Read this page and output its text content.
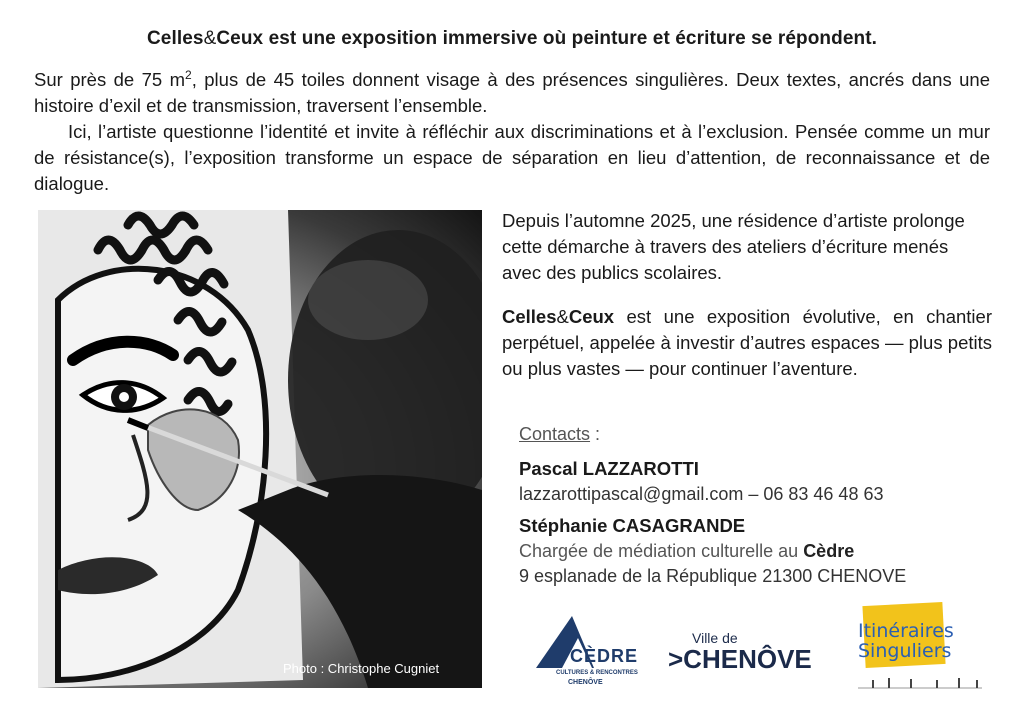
Celles&Ceux est une exposition immersive où peinture et écriture se répondent.

Sur près de 75 $m^2$, plus de 45 toiles donnent visage à des présences singulières. Deux textes, ancrés dans une histoire d’exil et de transmission, traversent l’ensemble.

Ici, l’artiste questionne l’identité et invite à réfléchir aux discriminations et à l’exclusion. Pensée comme un mur de résistance(s), l’exposition transforme un espace de séparation en lieu d’attention, de reconnaissance et de dialogue.

Photo : Christophe Cugniet

Depuis l’automne 2025, une résidence d’artiste prolonge cette démarche à travers des ateliers d’écriture menés avec des publics scolaires.

Celles&Ceux est une exposition évolutive, en chantier perpétuel, appelée à investir d’autres espaces — plus petits ou plus vastes — pour continuer l’aventure.

Contacts :
Pascal LAZZAROTTI
lazzarottipascal@gmail.com – 06 83 46 48 63
Stéphanie CASAGRANDE
Chargée de médiation culturelle au Cèdre
9 esplanade de la République 21300 CHENOVE
CÈDRE
CULTURES & RENCONTRES
CHENÔVE
Ville de
>CHENÔVE
Itinéraires
Singuliers
